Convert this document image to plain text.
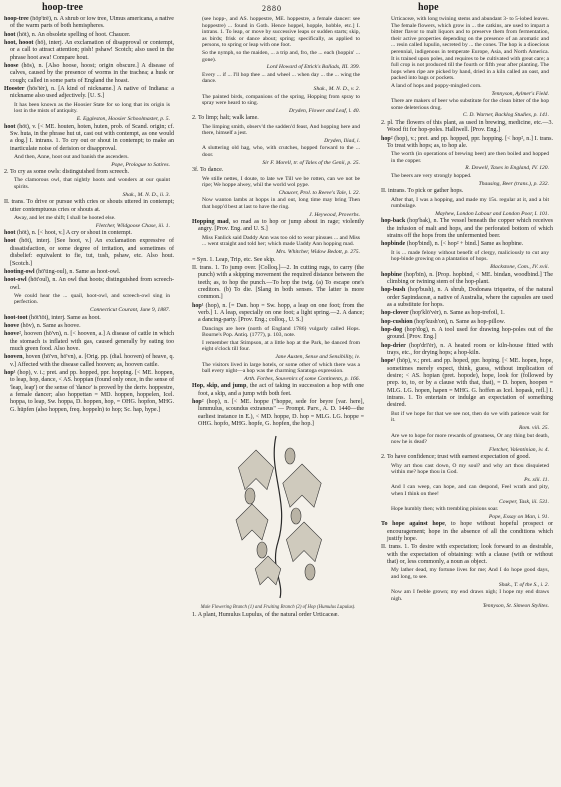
hoop-tree	2880	hope
hoop-tree (höp'trē), n. A shrub or low tree, Ulmus americana, a native of the warm parts of both hemispheres.
hoot (höt), n. An obsolete spelling of hoot. Chaucer.
hoot, hooot (hö), interj. An exclamation of disapproval or contempt, or a call to attract attention; pish! pshaw! Scotch; also used in the phrase hoot awa! Compare hout.
hoose (hös), n. [Also hoose, hoost; origin obscure.] A disease of calves, caused by the presence of worms in the trachea; a husk or cough; called in some parts of England the hoast.
Hooster (hös'tėr), n. [A kind of nickname.] A native of Indiana: a nickname also used adjectively. [U. S.]
It has been known as the Hoosier State for so long that its origin is lost in the mists of antiquity.
E. Eggleston, Hoosier Schoolmaster, p. 5.
hoot (höt), v. [< ME. houten, hoten, huten, prob. of Scand. origin; cf. Sw. huta, in the phrase hut ut, cast out with contempt, as one would a dog.] I. intrans. 1. To cry out or shout in contempt; to make an inarticulate noise of derision or disapproval.
And then, Anne, hoot out and banish the ascenders.
Pope, Prologue to Satires.
2. To cry as some owls: distinguished from screech.
The clamorous owl, that nightly hoots and wonders at our quaint spirits.
Shak., M. N. D., ii. 3.
II. trans. To drive or pursue with cries or shouts uttered in contempt; utter contemptuous cries or shouts at.
Away, and let me shift; I shall be hooted else.
Fletcher, Wildgoose Chase, iii. 1.
hoot (höt), n. [< hoot, v.] A cry or shout in contempt.
hoot (höt), interj. [See hoot, v.] An exclamation expressive of dissatisfaction, or some degree of irritation, and sometimes of disbelief: equivalent to fie, tut, tush, pshaw, etc. Also hout. [Scotch.]
hooting-owl (hö'ting-oul), n. Same as hoot-owl.
hoot-owl (höt'oul), n. An owl that hoots; distinguished from screech-owl.
We could hear the ... quail, hoot-owl, and screech-owl sing in perfection.
Connecticut Courant, June 9, 1887.
hoot-toot (höt'töt), interj. Same as hoot.
hoove (höv), n. Same as hoove.
hoove², hooven (hö'vn), n. [< hooven, a.] A disease of cattle in which the stomach is inflated with gas, caused generally by eating too much green food. Also hove.
hooven, hoven (hö'vn, hō'vn), a. [Orig. pp. (dial. hooven) of heave, q. v.] Affected with the disease called hooven; as, hooven cattle.
hop¹ (hop), v. i.; pret. and pp. hopped, ppr. hopping. [< ME. hoppen, to leap, hop, dance, < AS. hoppian (found only once, in the sense of 'leap, leap') or the sense of 'dance' is proved by the deriv. hoppestre, a female dancer; also hoppettan = MD. hoppen, hoppelen, Icel. hoppa, to leap, Sw. hoppa, D. hoppen, hop, = OHG. hopfon, MHG. G. hüpfen (also hoppen, freq. hoppeln) to hop; Sc. hap, hype.]
(see hopp-, and AS. hoppestre, ME. hoppestre, a female dancer: see hoppestre) ... found in Goth. Hence hoppel, hopple, hobble, etc.] I. intrans. 1. To leap, or move by successive leaps or sudden starts; skip, as birds; frisk or dance about; spring; specifically, as applied to persons, to spring or leap with one foot.
So the nymph, so the maiden, ... a trip and, fro, the ... each (hoppin' ... gone).
Lord Howard of Ettick's Ballads, III. 399.
Every ... if ... I'll hop thee ... and wheel ... when day ... the ... wing the dance.
Shak., M. N. D., v. 2.
The painted birds, companions of the spring, Hopping from spray to spray were heard to sing.
Dryden, Flower and Leaf, l. 40.
2. To limp; halt; walk lame.
The limping smith, observ'd the sadden'd feast, And hopping here and there, himself a jest.
Dryden, Iliad, i.
A sluttering old hag, who, with crutches, hopped forward to the ... door.
Sir F. Morell, tr. of Tales of the Genii, p. 25.
3f. To dance.
We stille nettes, I doute, to late we Till we be rotten, can we not be ripe; We hoppe alwey, whil the world wol pype.
Chaucer, Prol. to Reeve's Tale, l. 22.
Now wanton lambs at hopps in and out, long time may bring Then that hopp'd best at last to have the ring.
J. Heywood, Proverbs.
Hopping mad, so mad as to hop or jump about in rage; violently angry. [Prov. Eng. and U. S.]
Miss Fanlick said Daddy Ann was too old to wear pinsues ... and Miss ... went straight and told her; which made Uaddy Ann hopping mad.
Mrs. Whitcher, Widow Bedott, p. 275.
= Syn. 1. Leap, Trip, etc. See skip.
II. trans. 1. To jump over. [Colloq.]—2. In cutting rugs, to carry (the punch) with a skipping movement the required distance between the teeth; as, to hop the punch.—To hop the twig. (a) To escape one's creditors. (b) To die. [Slang in both senses. The latter is more common.]
hop¹ (hop), n. [= Dan. hop = Sw. hopp, a leap on one foot; from the verb.] 1. A leap, especially on one foot; a light spring.—2. A dance; a dancing-party. [Prov. Eng.; colloq., U. S.]
Dancings are here (north of England 1786) vulgarly called Hops. Bourne's Pop. Antiq. (1777), p. 103, note.
I remember that Stimpson, at a little hop at the Park, he danced from eight o'clock till four.
Jane Austen, Sense and Sensibility, iv.
The visitors lived in large hotels, or some other of which there was a ball every night—a hop was the charming Saratoga expression.
Arth. Forbes, Souvenirs of some Continents, p. 166.
Hop, skip, and jump, the act of taking in succession a hop with one foot, a skip, and a jump with both feet.
hop² (hop), n. [< ME. hoppe ("hoppe, sede for beyre [var. here], lummulus, scoundus extraneus" — Prompt. Parv., A. D. 1440—the earliest instance in E.), < MD. hoppe, D. hop = MLG. LG. hoppe = OHG. hopfo, MHG. hopfe, G. hopfen, the hop.]
Male Flowering Branch (1) and Fruiting Branch (2) of Hop (Humulus Lupulus).
1. A plant, Humulus Lupulus, of the natural order Urticaceæ.
Urticaceæ, with long twining stems and abundant 3- to 5-lobed leaves. The female flowers, which grow in ... the catkins, are used to impart a bitter flavor to malt liquors and to preserve them from fermentation, their active properties depending on the presence of an aromatic and ... resin called lupulin, secreted by ... the cones. The hop is a dioecious perennial, indigenous in temperate Europe, Asia, and North America. It is trained upon poles, and requires to be cultivated with great care; a full crop is not produced till the fourth or fifth year after planting. The hops when ripe are picked by hand, dried in a kiln called an oast, and packed into bags or pockets.
A land of hops and poppy-mingled corn.
Tennyson, Aylmer's Field.
There are makers of beer who substitute for the clean bitter of the hop some deleterious drug.
C. D. Warner, Backlog Studies, p. 141.
2. pl. The flowers of this plant, as used in brewing, medicine, etc.—3. Wood fit for hop-poles. Halliwell. [Prov. Eng.]
hop² (hop), v.; pret. and pp. hopped, ppr. hopping. [< hop², n.] I. trans. To treat with hops; as, to hop ale.
The worth (in operations of brewing beer) are then boiled and hopped in the copper.
R. Dowell, Taxes in England, IV. 120.
The beers are very strongly hopped.
Thausing, Beer (trans.), p. 232.
II. intrans. To pick or gather hops.
After that, I was a hopping, and made my 15s. regular at it, and a bit rumbulage.
Mayhew, London Labour and London Poor, I. 101.
hop-back (hop'bak), n. The vessel beneath the copper which receives the infusion of malt and hops, and the perforated bottom of which strains off the hops from the unfermented beer.
hopbinde (hop'bind), n. [< hop² + bind.] Same as hopbine.
It is ... made felony without benefit of clergy, maliciously to cut any hop-binde growing on a plantation of hops.
Blackstone, Com., IV. xvii.
hopbine (hop'bīn), n. [Prop. hopbind, < ME. bindan, woodbind.] The climbing or twining stem of the hop-plant.
hop-bush (hop'bush), n. A shrub, Dodonæa triquetra, of the natural order Sapindaceæ, a native of Australia, where the capsules are used as a substitute for hops.
hop-clover (hop'klō'vėr), n. Same as hop-trefoil, 1.
hop-cushion (hop'kush'on), n. Same as hop-pillow.
hop-dog (hop'dog), n. A tool used for drawing hop-poles out of the ground. [Prov. Eng.]
hop-drier (hop'drī'ėr), n. A heated room or kiln-house fitted with trays, etc., for drying hops; a hop-kiln.
hope¹ (hōp), v.; pret. and pp. hoped, ppr. hoping. [< ME. hopen, hope, sometimes merely expect, think, guess, without implication of desire; < AS. hopian (pret. hopode), hope, look for (followed by prep. to, to, or by a clause with that, that), = D. hopen, hoopen = MLG. LG. hopen, hapen = MHG. G. hoffen as Icel. hopask, refl.] I. intrans. 1. To entertain or indulge an expectation of something desired.
But if we hope for that we see not, then do we with patience wait for it.
Rom. viii. 25.
Are we to hope for more rewards of greatness, Or any thing but death, now he is dead?
Fletcher, Valentinian, iv. 4.
2. To have confidence; trust with earnest expectation of good.
Why art thou cast down, O my soul? and why art thou disquieted within me? hope thou in God.
Ps. xlii. 11.
And I can weep, can hope, and can despond, Feel wrath and pity, when I think on thee!
Cowper, Task, iii. 531.
Hope humbly then; with trembling pinions soar.
Pope, Essay on Man, i. 91.
To hope against hope, to hope without hopeful prospect or encouragement; hope in the absence of all the conditions which justify hope.
II. trans. 1. To desire with expectation; look forward to as desirable, with the expectation of obtaining: with a clause (with or without that) or, less commonly, a noun as object.
My lather dead, my fortune lives for me; And I do hope good days, and long, to see.
Shak., T. of the S., i. 2.
Now am I feeble grown; my end draws nigh; I hope my end draws nigh.
Tennyson, St. Simeon Stylites.
